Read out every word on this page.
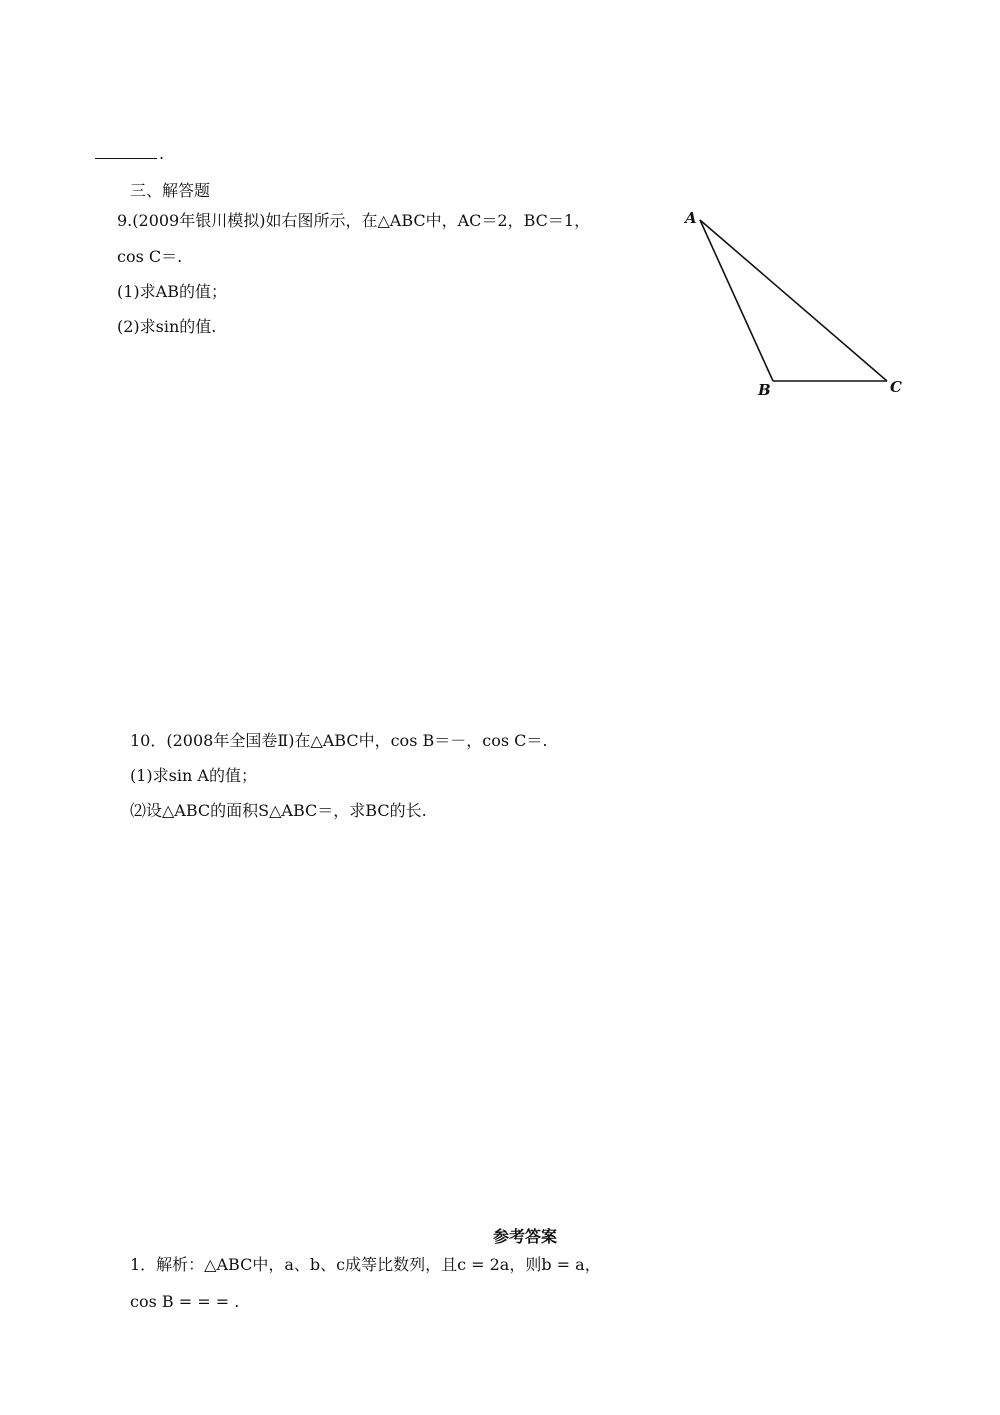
.
三、解答题
9.(2009年银川模拟)如右图所示，在△ABC中，AC＝2，BC＝1，
cos C＝.
(1)求AB的值；
(2)求sin的值.
A
B	C
10．(2008年全国卷Ⅱ)在△ABC中，cos B＝－，cos C＝.
(1)求sin A的值；
⑵设△ABC的面积S△ABC＝，求BC的长.
参考答案
1．解析：△ABC中，a、b、c成等比数列，且c = 2a，则b = a，
cos B = = = .
